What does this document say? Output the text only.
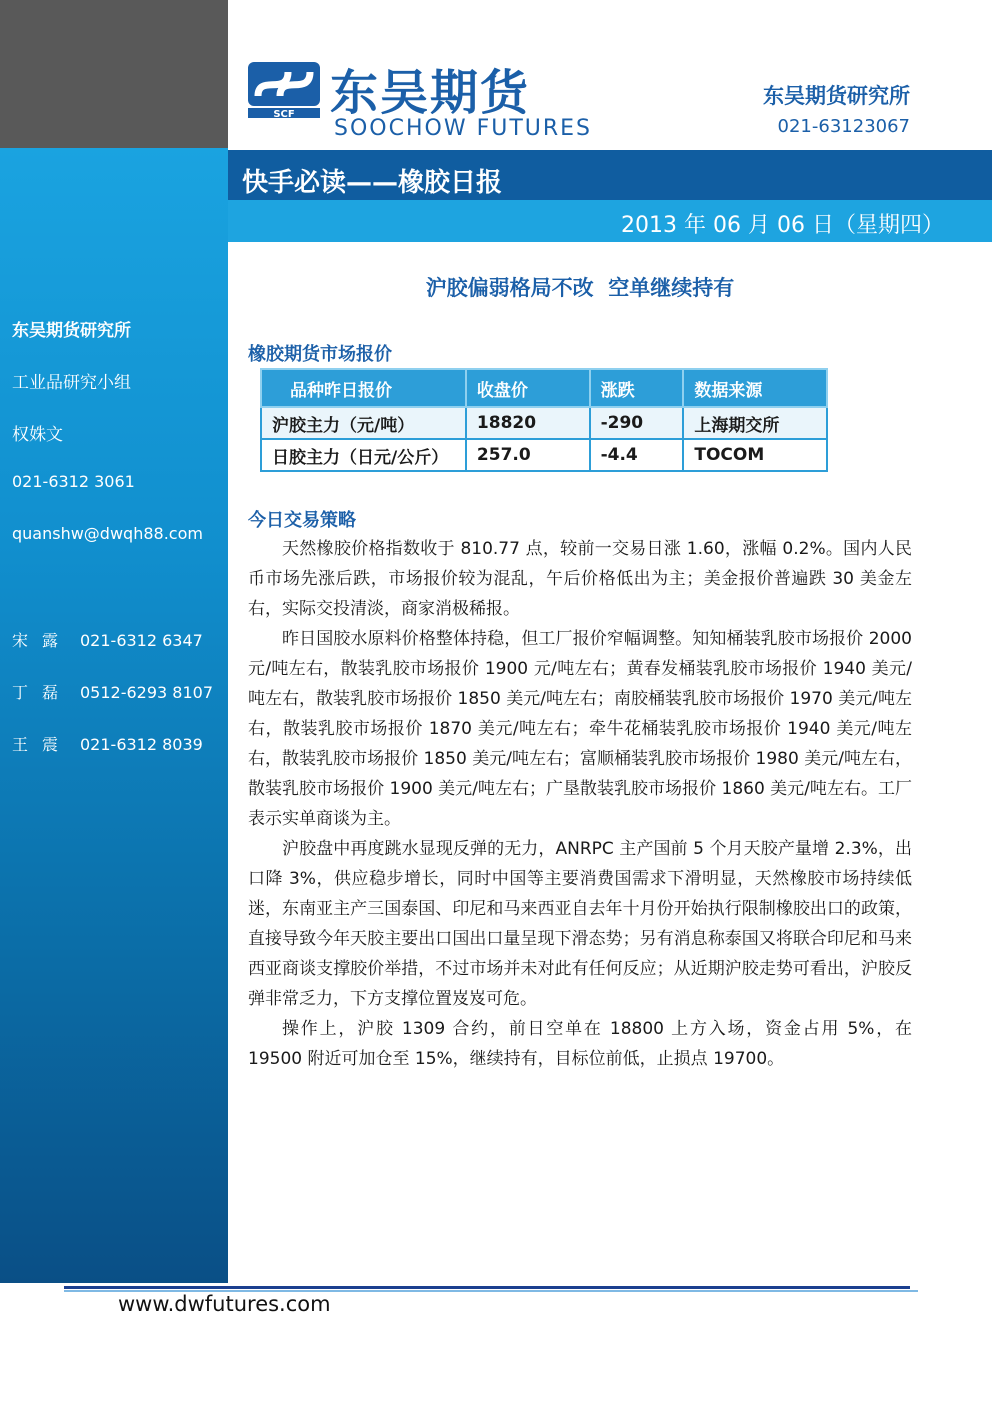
东吴期货研究所
工业品研究小组
权姝文
021-6312 3061
quanshw@dwqh88.com
宋露 021-6312 6347
丁磊 0512-6293 8107
王震 021-6312 8039
SCF 东吴期货
SOOCHOW FUTURES
东吴期货研究所
021-63123067
快手必读——橡胶日报
2013 年 06 月 06 日（星期四）
沪胶偏弱格局不改  空单继续持有
橡胶期货市场报价
品种昨日报价	收盘价	涨跌	数据来源
沪胶主力（元/吨）	18820	-290	上海期交所
日胶主力（日元/公斤）	257.0	-4.4	TOCOM
今日交易策略

天然橡胶价格指数收于 810.77 点，较前一交易日涨 1.60，涨幅 0.2%。国内人民币市场先涨后跌，市场报价较为混乱，午后价格低出为主；美金报价普遍跌 30 美金左右，实际交投清淡，商家消极稀报。

昨日国胶水原料价格整体持稳，但工厂报价窄幅调整。知知桶装乳胶市场报价 2000 元/吨左右，散装乳胶市场报价 1900 元/吨左右；黄春发桶装乳胶市场报价 1940 美元/吨左右，散装乳胶市场报价 1850 美元/吨左右；南胶桶装乳胶市场报价 1970 美元/吨左右，散装乳胶市场报价 1870 美元/吨左右；牵牛花桶装乳胶市场报价 1940 美元/吨左右，散装乳胶市场报价 1850 美元/吨左右；富顺桶装乳胶市场报价 1980 美元/吨左右，散装乳胶市场报价 1900 美元/吨左右；广垦散装乳胶市场报价 1860 美元/吨左右。工厂表示实单商谈为主。

沪胶盘中再度跳水显现反弹的无力，ANRPC 主产国前 5 个月天胶产量增 2.3%，出口降 3%，供应稳步增长，同时中国等主要消费国需求下滑明显，天然橡胶市场持续低迷，东南亚主产三国泰国、印尼和马来西亚自去年十月份开始执行限制橡胶出口的政策，直接导致今年天胶主要出口国出口量呈现下滑态势；另有消息称泰国又将联合印尼和马来西亚商谈支撑胶价举措，不过市场并未对此有任何反应；从近期沪胶走势可看出，沪胶反弹非常乏力，下方支撑位置岌岌可危。

操作上，沪胶 1309 合约，前日空单在 18800 上方入场，资金占用 5%，在 19500 附近可加仓至 15%，继续持有，目标位前低，止损点 19700。

www.dwfutures.com
